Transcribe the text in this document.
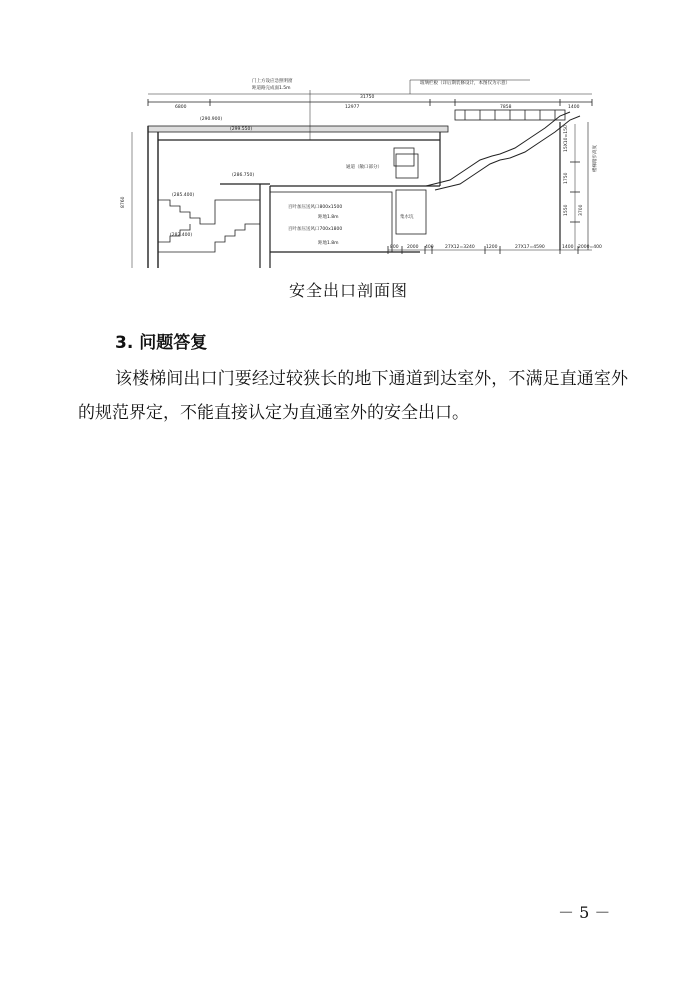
门上方设应急照明窗
距道路完成面1.5m
玻璃栏板（详后期装修设计，本图仅为示意）
31750
6800	12977	7858	1400
(290.900)
(299.550)
(286.750)
(285.400)
(282.400)
通道（敞口部分）
集水坑
百叶加压送风口800x1500
距地1.8m
百叶加压送风口700x1800
距地1.8m
8760
800 2000 400	27X12=3240 1200	27X17=4590	1400 2000=400
15X10=150
1750
1550 3700
楼梯踏步高度
安全出口剖面图
3. 问题答复
该楼梯间出口门要经过较狭长的地下通道到达室外，不满足直通室外的规范界定，不能直接认定为直通室外的安全出口。
－ 5 －
